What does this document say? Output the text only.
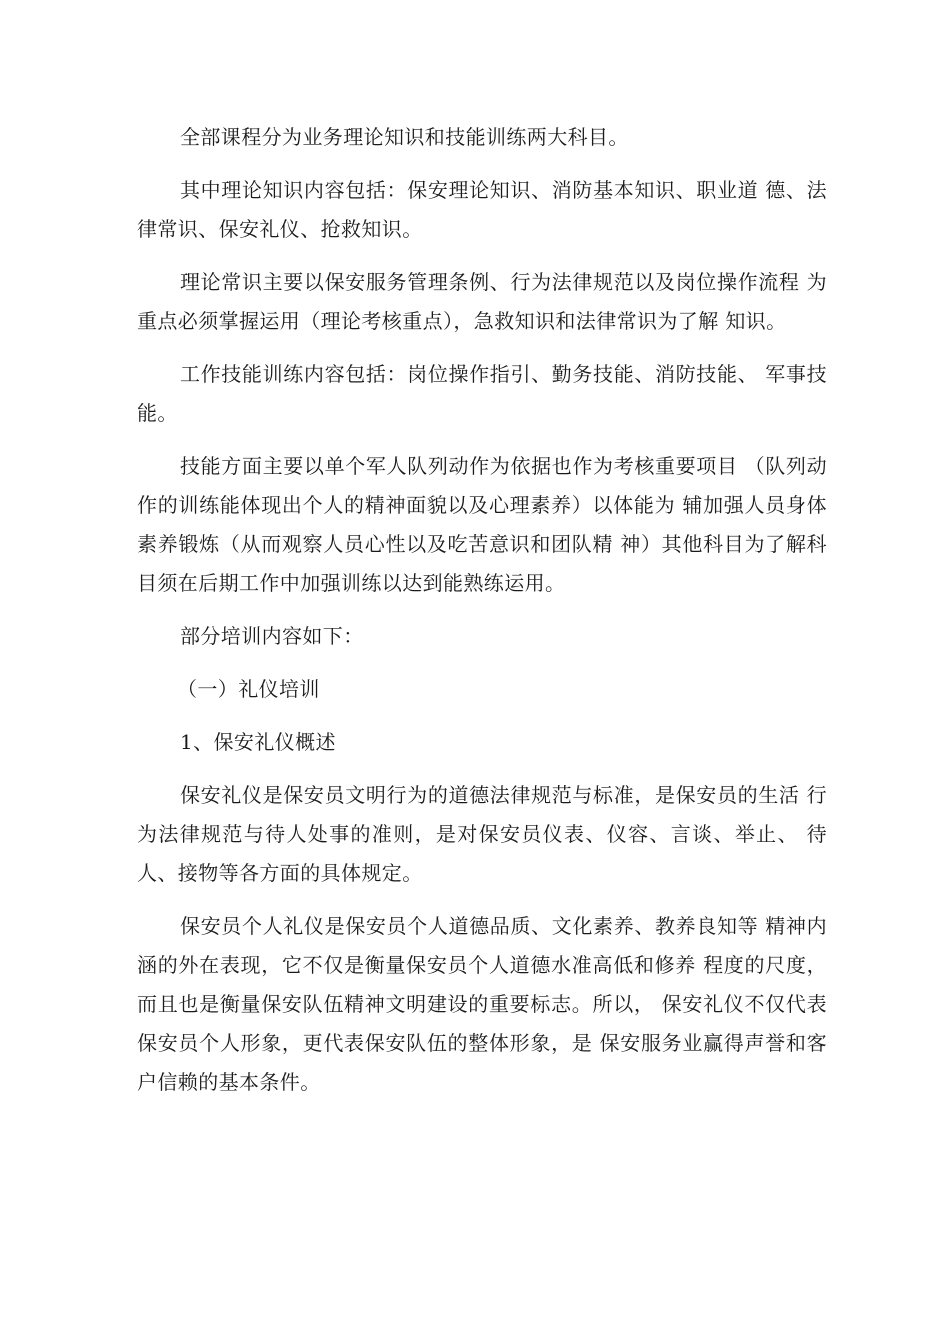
全部课程分为业务理论知识和技能训练两大科目。

其中理论知识内容包括：保安理论知识、消防基本知识、职业道 德、法律常识、保安礼仪、抢救知识。

理论常识主要以保安服务管理条例、行为法律规范以及岗位操作流程 为重点必须掌握运用（理论考核重点），急救知识和法律常识为了解 知识。

工作技能训练内容包括：岗位操作指引、勤务技能、消防技能、 军事技能。

技能方面主要以单个军人队列动作为依据也作为考核重要项目 （队列动作的训练能体现出个人的精神面貌以及心理素养）以体能为 辅加强人员身体素养锻炼（从而观察人员心性以及吃苦意识和团队精 神）其他科目为了解科目须在后期工作中加强训练以达到能熟练运用。

部分培训内容如下：

（一）礼仪培训

1、保安礼仪概述

保安礼仪是保安员文明行为的道德法律规范与标准，是保安员的生活 行为法律规范与待人处事的准则，是对保安员仪表、仪容、言谈、举止、 待人、接物等各方面的具体规定。

保安员个人礼仪是保安员个人道德品质、文化素养、教养良知等 精神内涵的外在表现，它不仅是衡量保安员个人道德水准高低和修养 程度的尺度，而且也是衡量保安队伍精神文明建设的重要标志。所以， 保安礼仪不仅代表保安员个人形象，更代表保安队伍的整体形象，是 保安服务业赢得声誉和客户信赖的基本条件。
